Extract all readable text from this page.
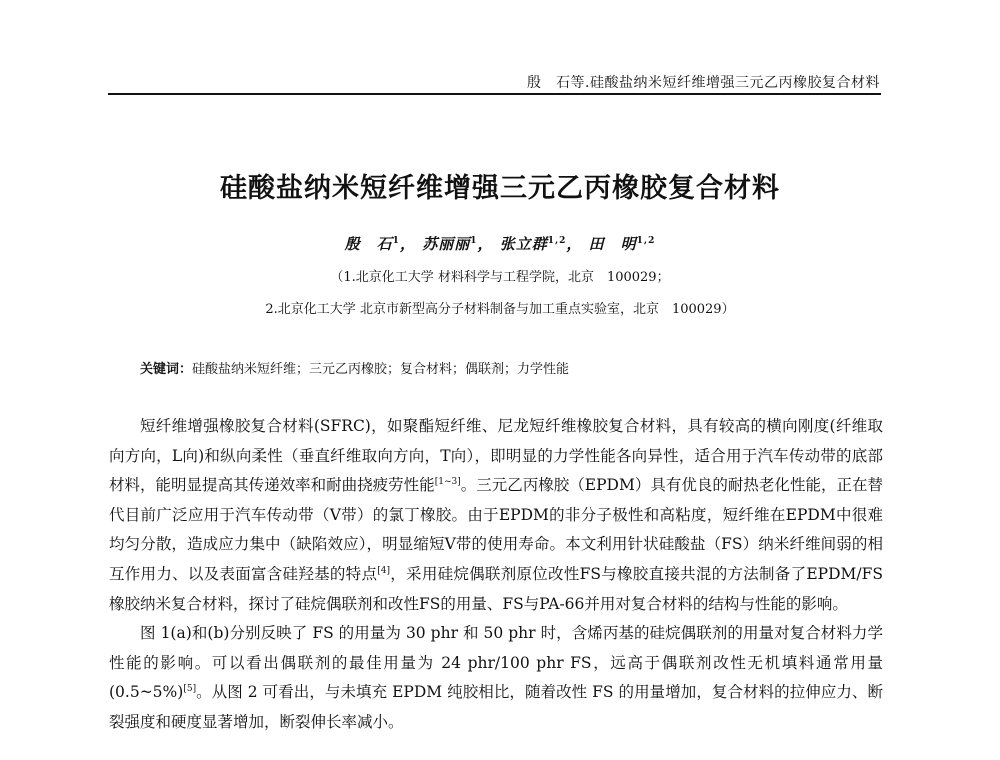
殷　石等.硅酸盐纳米短纤维增强三元乙丙橡胶复合材料
硅酸盐纳米短纤维增强三元乙丙橡胶复合材料
殷　石$^1$， 苏丽丽$^1$， 张立群$^{1,2}$， 田　明$^{1,2}$
（1.北京化工大学 材料科学与工程学院，北京　100029；
2.北京化工大学 北京市新型高分子材料制备与加工重点实验室，北京　100029）
关键词：硅酸盐纳米短纤维；三元乙丙橡胶；复合材料；偶联剂；力学性能

短纤维增强橡胶复合材料(SFRC)，如聚酯短纤维、尼龙短纤维橡胶复合材料，具有较高的横向刚度(纤维取向方向，L向)和纵向柔性（垂直纤维取向方向，T向），即明显的力学性能各向异性，适合用于汽车传动带的底部材料，能明显提高其传递效率和耐曲挠疲劳性能[1~3]。三元乙丙橡胶（EPDM）具有优良的耐热老化性能，正在替代目前广泛应用于汽车传动带（V带）的氯丁橡胶。由于EPDM的非分子极性和高粘度，短纤维在EPDM中很难均匀分散，造成应力集中（缺陷效应），明显缩短V带的使用寿命。本文利用针状硅酸盐（FS）纳米纤维间弱的相互作用力、以及表面富含硅羟基的特点[4]，采用硅烷偶联剂原位改性FS与橡胶直接共混的方法制备了EPDM/FS橡胶纳米复合材料，探讨了硅烷偶联剂和改性FS的用量、FS与PA-66并用对复合材料的结构与性能的影响。

图 1(a)和(b)分别反映了 FS 的用量为 30 phr 和 50 phr 时，含烯丙基的硅烷偶联剂的用量对复合材料力学性能的影响。可以看出偶联剂的最佳用量为 24 phr/100 phr FS，远高于偶联剂改性无机填料通常用量(0.5~5%)[5]。从图 2 可看出，与未填充 EPDM 纯胶相比，随着改性 FS 的用量增加，复合材料的拉伸应力、断裂强度和硬度显著增加，断裂伸长率减小。
